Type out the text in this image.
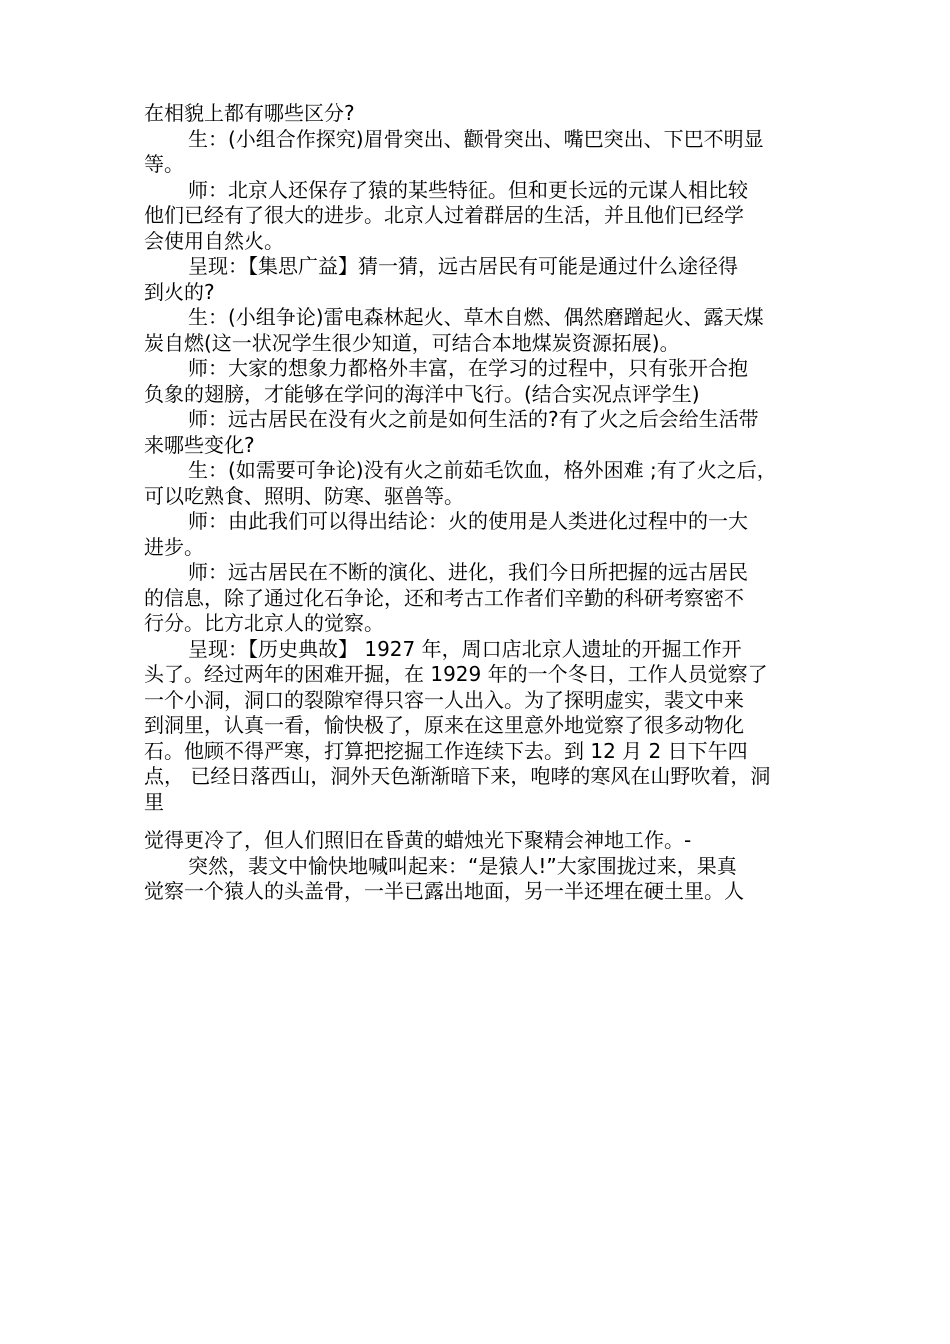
在相貌上都有哪些区分?
生：(小组合作探究)眉骨突出、颧骨突出、嘴巴突出、下巴不明显
等。
师：北京人还保存了猿的某些特征。但和更长远的元谋人相比较
他们已经有了很大的进步。北京人过着群居的生活，并且他们已经学
会使用自然火。
呈现：【集思广益】猜一猜，远古居民有可能是通过什么途径得
到火的?
生：(小组争论)雷电森林起火、草木自燃、偶然磨蹭起火、露天煤
炭自燃(这一状况学生很少知道，可结合本地煤炭资源拓展)。
师：大家的想象力都格外丰富，在学习的过程中，只有张开合抱
负象的翅膀，才能够在学问的海洋中飞行。(结合实况点评学生)
师：远古居民在没有火之前是如何生活的?有了火之后会给生活带
来哪些变化?
生：(如需要可争论)没有火之前茹毛饮血，格外困难 ;有了火之后，
可以吃熟食、照明、防寒、驱兽等。
师：由此我们可以得出结论：火的使用是人类进化过程中的一大
进步。
师：远古居民在不断的演化、进化，我们今日所把握的远古居民
的信息，除了通过化石争论，还和考古工作者们辛勤的科研考察密不
行分。比方北京人的觉察。
呈现：【历史典故】 1927 年，周口店北京人遗址的开掘工作开
头了。经过两年的困难开掘，在 1929 年的一个冬日，工作人员觉察了
一个小洞，洞口的裂隙窄得只容一人出入。为了探明虚实，裴文中来
到洞里，认真一看，愉快极了，原来在这里意外地觉察了很多动物化
石。他顾不得严寒，打算把挖掘工作连续下去。到 12 月 2 日下午四
点， 已经日落西山，洞外天色渐渐暗下来，咆哮的寒风在山野吹着，洞
里
觉得更冷了，但人们照旧在昏黄的蜡烛光下聚精会神地工作。-
突然，裴文中愉快地喊叫起来：“是猿人!”大家围拢过来，果真
觉察一个猿人的头盖骨，一半已露出地面，另一半还埋在硬土里。人
